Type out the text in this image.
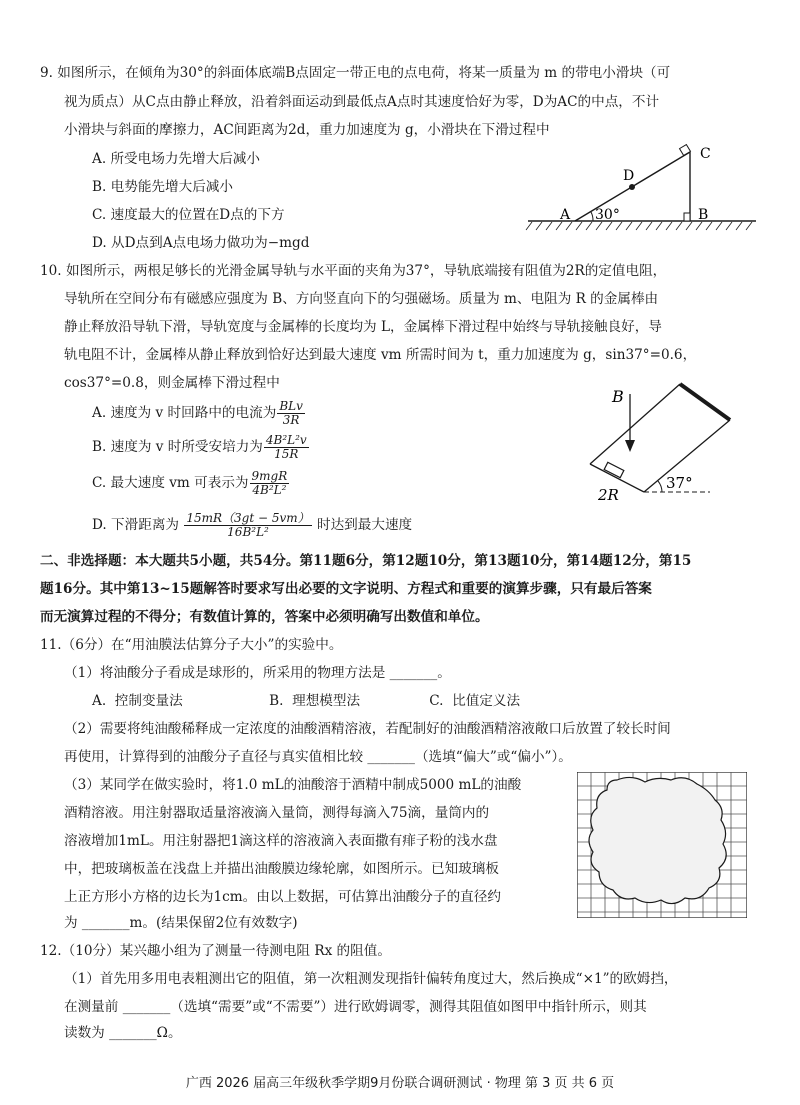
9. 如图所示，在倾角为30°的斜面体底端B点固定一带正电的点电荷，将某一质量为 m 的带电小滑块（可
视为质点）从C点由静止释放，沿着斜面运动到最低点A点时其速度恰好为零，D为AC的中点，不计
小滑块与斜面的摩擦力，AC间距离为2d，重力加速度为 g，小滑块在下滑过程中
A. 所受电场力先增大后减小
B. 电势能先增大后减小
C. 速度最大的位置在D点的下方
D. 从D点到A点电场力做功为−mgd
A	B
C
D
30°
10. 如图所示，两根足够长的光滑金属导轨与水平面的夹角为37°，导轨底端接有阻值为2R的定值电阻，
导轨所在空间分布有磁感应强度为 B、方向竖直向下的匀强磁场。质量为 m、电阻为 R 的金属棒由
静止释放沿导轨下滑，导轨宽度与金属棒的长度均为 L，金属棒下滑过程中始终与导轨接触良好，导
轨电阻不计，金属棒从静止释放到恰好达到最大速度 vm 所需时间为 t，重力加速度为 g，sin37°=0.6，
cos37°=0.8，则金属棒下滑过程中
A. 速度为 v 时回路中的电流为 $\frac{\text{BLv}}{3R}$
B. 速度为 v 时所受安培力为 $\frac{\text{4B²L²v}}{15R}$
C. 最大速度 vm 可表示为 $\frac{\text{9mgR}}{\text{4B²L²}}$
D. 下滑距离为 $\frac{15mR(3gt - 5vm)}{\text{16B²L²}}$ 时达到最大速度
B
2R
37°
二、非选择题：本大题共5小题，共54分。第11题6分，第12题10分，第13题10分，第14题12分，第15
题16分。其中第13~15题解答时要求写出必要的文字说明、方程式和重要的演算步骤，只有最后答案
而无演算过程的不得分；有数值计算的，答案中必须明确写出数值和单位。
11.（6分）在“用油膜法估算分子大小”的实验中。
（1）将油酸分子看成是球形的，所采用的物理方法是 _______。
A.  控制变量法                    B.  理想模型法                C.  比值定义法
（2）需要将纯油酸稀释成一定浓度的油酸酒精溶液，若配制好的油酸酒精溶液敞口后放置了较长时间
再使用，计算得到的油酸分子直径与真实值相比较 _______（选填“偏大”或“偏小”）。
（3）某同学在做实验时，将1.0 mL的油酸溶于酒精中制成5000 mL的油酸
酒精溶液。用注射器取适量溶液滴入量筒，测得每滴入75滴，量筒内的
溶液增加1mL。用注射器把1滴这样的溶液滴入表面撒有痱子粉的浅水盘
中，把玻璃板盖在浅盘上并描出油酸膜边缘轮廓，如图所示。已知玻璃板
上正方形小方格的边长为1cm。由以上数据，可估算出油酸分子的直径约
为 _______m。(结果保留2位有效数字)
12.（10分）某兴趣小组为了测量一待测电阻 Rx 的阻值。
（1）首先用多用电表粗测出它的阻值，第一次粗测发现指针偏转角度过大，然后换成“×1”的欧姆挡，
在测量前 _______（选填“需要”或“不需要”）进行欧姆调零，测得其阻值如图甲中指针所示，则其
读数为 _______Ω。
广西 2026 届高三年级秋季学期9月份联合调研测试 · 物理 第 3 页 共 6 页
